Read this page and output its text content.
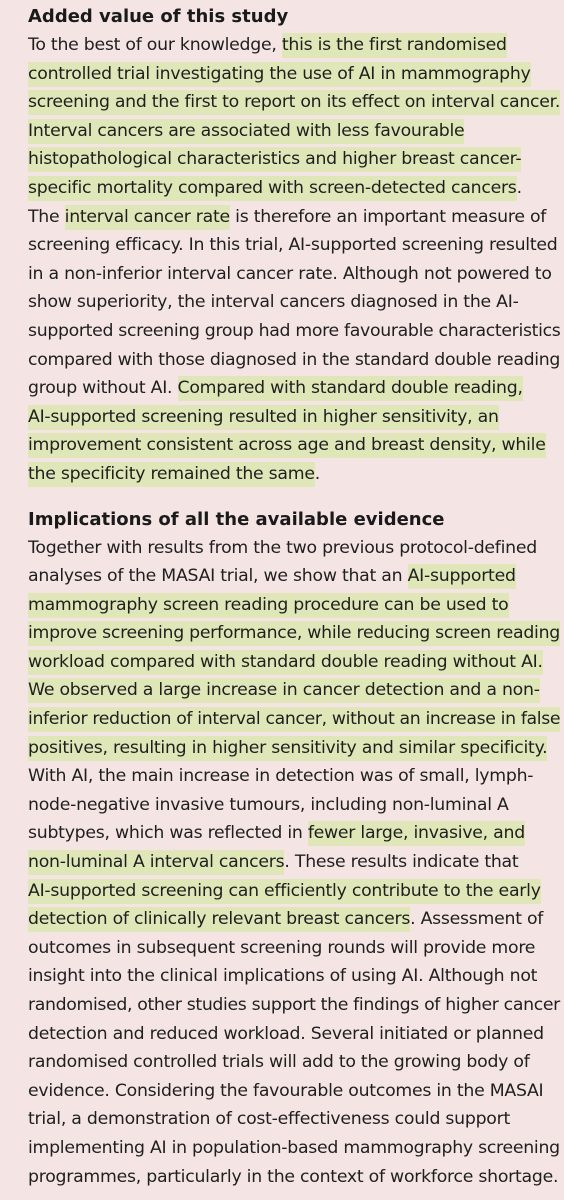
Added value of this study
To the best of our knowledge, this is the first randomised
controlled trial investigating the use of AI in mammography
screening and the first to report on its effect on interval cancer.
Interval cancers are associated with less favourable
histopathological characteristics and higher breast cancer-
specific mortality compared with screen-detected cancers.
The interval cancer rate is therefore an important measure of
screening efficacy. In this trial, AI-supported screening resulted
in a non-inferior interval cancer rate. Although not powered to
show superiority, the interval cancers diagnosed in the AI-
supported screening group had more favourable characteristics
compared with those diagnosed in the standard double reading
group without AI. Compared with standard double reading,
AI-supported screening resulted in higher sensitivity, an
improvement consistent across age and breast density, while
the specificity remained the same.
Implications of all the available evidence
Together with results from the two previous protocol-defined
analyses of the MASAI trial, we show that an AI-supported
mammography screen reading procedure can be used to
improve screening performance, while reducing screen reading
workload compared with standard double reading without AI.
We observed a large increase in cancer detection and a non-
inferior reduction of interval cancer, without an increase in false
positives, resulting in higher sensitivity and similar specificity.
With AI, the main increase in detection was of small, lymph-
node-negative invasive tumours, including non-luminal A
subtypes, which was reflected in fewer large, invasive, and
non-luminal A interval cancers. These results indicate that
AI-supported screening can efficiently contribute to the early
detection of clinically relevant breast cancers. Assessment of
outcomes in subsequent screening rounds will provide more
insight into the clinical implications of using AI. Although not
randomised, other studies support the findings of higher cancer
detection and reduced workload. Several initiated or planned
randomised controlled trials will add to the growing body of
evidence. Considering the favourable outcomes in the MASAI
trial, a demonstration of cost-effectiveness could support
implementing AI in population-based mammography screening
programmes, particularly in the context of workforce shortage.
